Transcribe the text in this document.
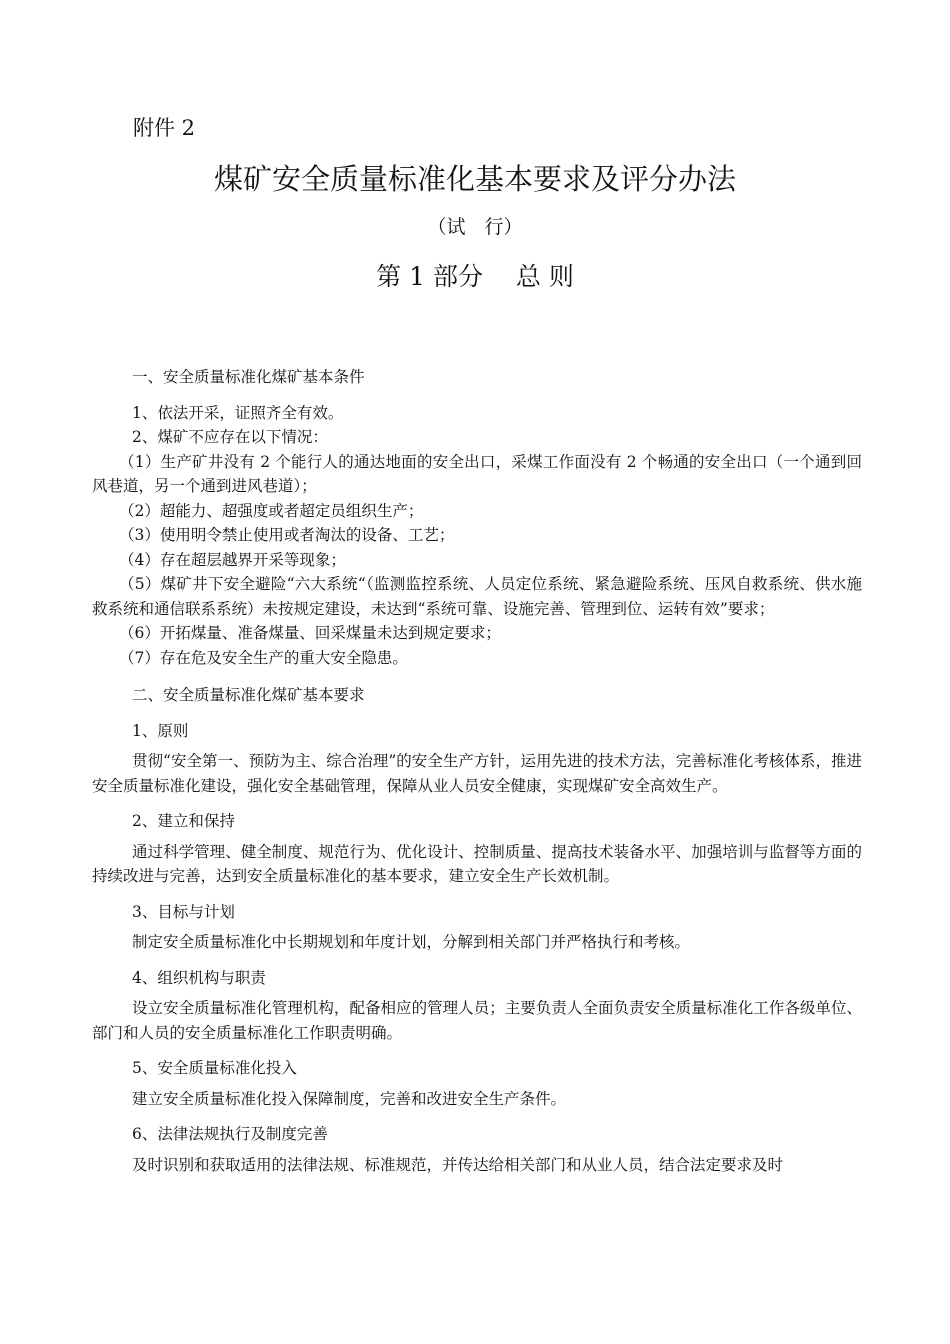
附件 2
煤矿安全质量标准化基本要求及评分办法
（试　行）
第 1 部分　 总 则

一、安全质量标准化煤矿基本条件

1、依法开采，证照齐全有效。

2、煤矿不应存在以下情况：

（1）生产矿井没有 2 个能行人的通达地面的安全出口，采煤工作面没有 2 个畅通的安全出口（一个通到回风巷道，另一个通到进风巷道）；

（2）超能力、超强度或者超定员组织生产；

（3）使用明令禁止使用或者淘汰的设备、工艺；

（4）存在超层越界开采等现象；

（5）煤矿井下安全避险“六大系统“（监测监控系统、人员定位系统、紧急避险系统、压风自救系统、供水施救系统和通信联系系统）未按规定建设，未达到“系统可靠、设施完善、管理到位、运转有效”要求；

（6）开拓煤量、准备煤量、回采煤量未达到规定要求；

（7）存在危及安全生产的重大安全隐患。

二、安全质量标准化煤矿基本要求

1、原则

贯彻“安全第一、预防为主、综合治理”的安全生产方针，运用先进的技术方法，完善标准化考核体系，推进安全质量标准化建设，强化安全基础管理，保障从业人员安全健康，实现煤矿安全高效生产。

2、建立和保持

通过科学管理、健全制度、规范行为、优化设计、控制质量、提高技术装备水平、加强培训与监督等方面的持续改进与完善，达到安全质量标准化的基本要求，建立安全生产长效机制。

3、目标与计划

制定安全质量标准化中长期规划和年度计划，分解到相关部门并严格执行和考核。

4、组织机构与职责

设立安全质量标准化管理机构，配备相应的管理人员；主要负责人全面负责安全质量标准化工作各级单位、部门和人员的安全质量标准化工作职责明确。

5、安全质量标准化投入

建立安全质量标准化投入保障制度，完善和改进安全生产条件。

6、法律法规执行及制度完善

及时识别和获取适用的法律法规、标准规范，并传达给相关部门和从业人员，结合法定要求及时
